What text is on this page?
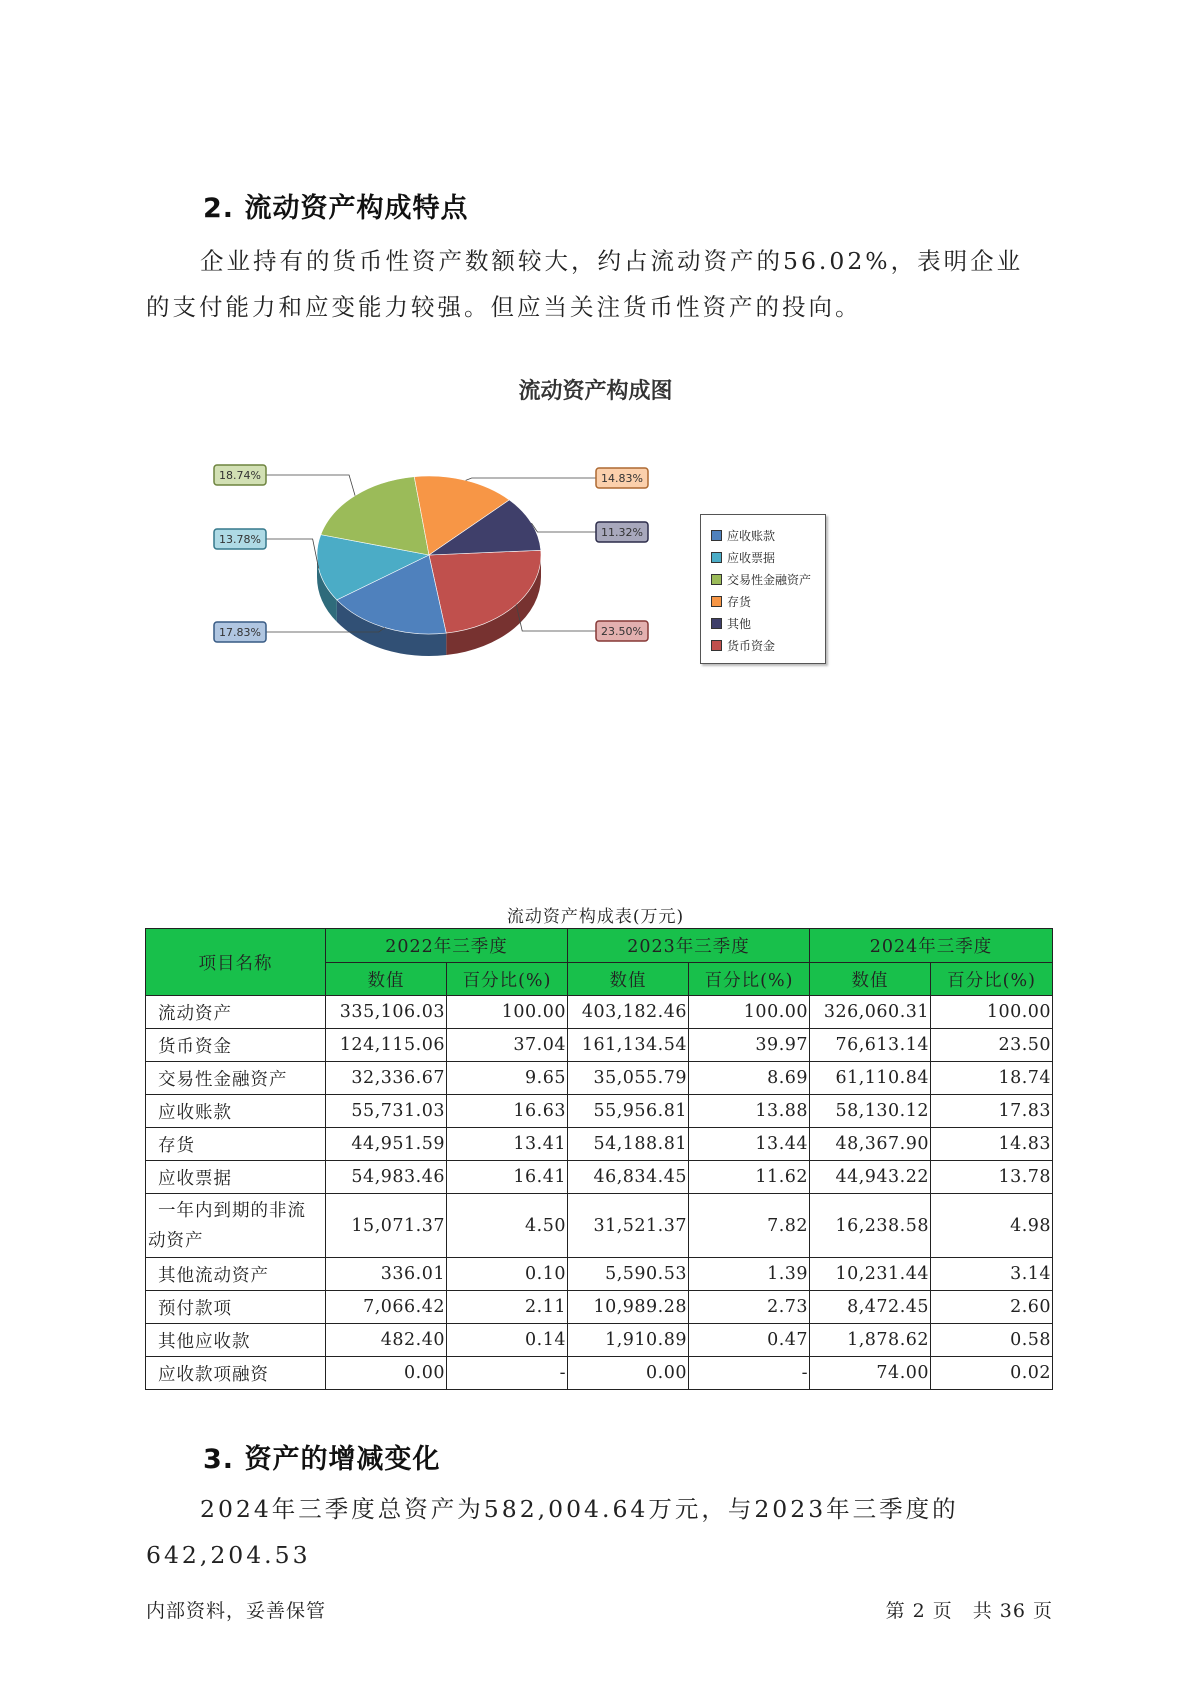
2. 流动资产构成特点

企业持有的货币性资产数额较大，约占流动资产的56.02%，表明企业的支付能力和应变能力较强。但应当关注货币性资产的投向。

流动资产构成图
23.50%
17.83%
13.78%
18.74%	14.83%
11.32%	应收账款
应收票据
交易性金融资产
存货
其他
货币资金
流动资产构成表(万元)
项目名称	2022年三季度		2023年三季度		2024年三季度	
	数值	百分比(%)	数值	百分比(%)	数值	百分比(%)
流动资产	335,106.03	100.00	403,182.46	100.00	326,060.31	100.00
货币资金	124,115.06	37.04	161,134.54	39.97	76,613.14	23.50
交易性金融资产	32,336.67	9.65	35,055.79	8.69	61,110.84	18.74
应收账款	55,731.03	16.63	55,956.81	13.88	58,130.12	17.83
存货	44,951.59	13.41	54,188.81	13.44	48,367.90	14.83
应收票据	54,983.46	16.41	46,834.45	11.62	44,943.22	13.78

一年内到期的非流
动资产	15,071.37	4.50	31,521.37	7.82	16,238.58	4.98
其他流动资产	336.01	0.10	5,590.53	1.39	10,231.44	3.14
预付款项	7,066.42	2.11	10,989.28	2.73	8,472.45	2.60
其他应收款	482.40	0.14	1,910.89	0.47	1,878.62	0.58
应收款项融资	0.00	-	0.00	-	74.00	0.02
3. 资产的增减变化

2024年三季度总资产为582,004.64万元，与2023年三季度的642,204.53

内部资料，妥善保管	第 2 页　共 36 页
